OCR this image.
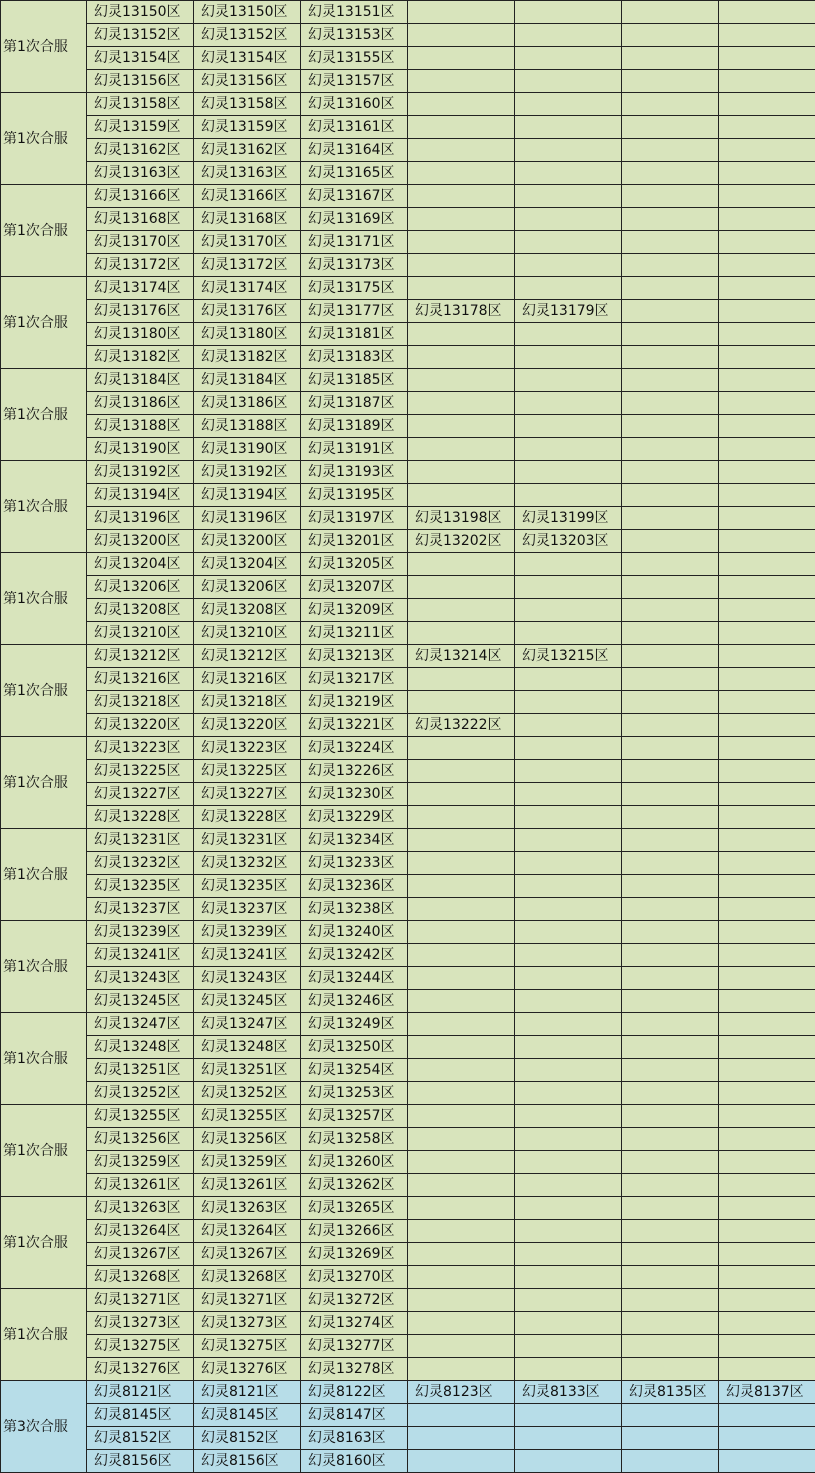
第1次合服	幻灵13150区	幻灵13150区	幻灵13151区				
	幻灵13152区	幻灵13152区	幻灵13153区				
	幻灵13154区	幻灵13154区	幻灵13155区				
	幻灵13156区	幻灵13156区	幻灵13157区				
第1次合服	幻灵13158区	幻灵13158区	幻灵13160区				
	幻灵13159区	幻灵13159区	幻灵13161区				
	幻灵13162区	幻灵13162区	幻灵13164区				
	幻灵13163区	幻灵13163区	幻灵13165区				
第1次合服	幻灵13166区	幻灵13166区	幻灵13167区				
	幻灵13168区	幻灵13168区	幻灵13169区				
	幻灵13170区	幻灵13170区	幻灵13171区				
	幻灵13172区	幻灵13172区	幻灵13173区				
第1次合服	幻灵13174区	幻灵13174区	幻灵13175区				
	幻灵13176区	幻灵13176区	幻灵13177区	幻灵13178区	幻灵13179区		
	幻灵13180区	幻灵13180区	幻灵13181区				
	幻灵13182区	幻灵13182区	幻灵13183区				
第1次合服	幻灵13184区	幻灵13184区	幻灵13185区				
	幻灵13186区	幻灵13186区	幻灵13187区				
	幻灵13188区	幻灵13188区	幻灵13189区				
	幻灵13190区	幻灵13190区	幻灵13191区				
第1次合服	幻灵13192区	幻灵13192区	幻灵13193区				
	幻灵13194区	幻灵13194区	幻灵13195区				
	幻灵13196区	幻灵13196区	幻灵13197区	幻灵13198区	幻灵13199区		
	幻灵13200区	幻灵13200区	幻灵13201区	幻灵13202区	幻灵13203区		
第1次合服	幻灵13204区	幻灵13204区	幻灵13205区				
	幻灵13206区	幻灵13206区	幻灵13207区				
	幻灵13208区	幻灵13208区	幻灵13209区				
	幻灵13210区	幻灵13210区	幻灵13211区				
第1次合服	幻灵13212区	幻灵13212区	幻灵13213区	幻灵13214区	幻灵13215区		
	幻灵13216区	幻灵13216区	幻灵13217区				
	幻灵13218区	幻灵13218区	幻灵13219区				
	幻灵13220区	幻灵13220区	幻灵13221区	幻灵13222区			
第1次合服	幻灵13223区	幻灵13223区	幻灵13224区				
	幻灵13225区	幻灵13225区	幻灵13226区				
	幻灵13227区	幻灵13227区	幻灵13230区				
	幻灵13228区	幻灵13228区	幻灵13229区				
第1次合服	幻灵13231区	幻灵13231区	幻灵13234区				
	幻灵13232区	幻灵13232区	幻灵13233区				
	幻灵13235区	幻灵13235区	幻灵13236区				
	幻灵13237区	幻灵13237区	幻灵13238区				
第1次合服	幻灵13239区	幻灵13239区	幻灵13240区				
	幻灵13241区	幻灵13241区	幻灵13242区				
	幻灵13243区	幻灵13243区	幻灵13244区				
	幻灵13245区	幻灵13245区	幻灵13246区				
第1次合服	幻灵13247区	幻灵13247区	幻灵13249区				
	幻灵13248区	幻灵13248区	幻灵13250区				
	幻灵13251区	幻灵13251区	幻灵13254区				
	幻灵13252区	幻灵13252区	幻灵13253区				
第1次合服	幻灵13255区	幻灵13255区	幻灵13257区				
	幻灵13256区	幻灵13256区	幻灵13258区				
	幻灵13259区	幻灵13259区	幻灵13260区				
	幻灵13261区	幻灵13261区	幻灵13262区				
第1次合服	幻灵13263区	幻灵13263区	幻灵13265区				
	幻灵13264区	幻灵13264区	幻灵13266区				
	幻灵13267区	幻灵13267区	幻灵13269区				
	幻灵13268区	幻灵13268区	幻灵13270区				
第1次合服	幻灵13271区	幻灵13271区	幻灵13272区				
	幻灵13273区	幻灵13273区	幻灵13274区				
	幻灵13275区	幻灵13275区	幻灵13277区				
	幻灵13276区	幻灵13276区	幻灵13278区				
第3次合服	幻灵8121区	幻灵8121区	幻灵8122区	幻灵8123区	幻灵8133区	幻灵8135区	幻灵8137区
	幻灵8145区	幻灵8145区	幻灵8147区				
	幻灵8152区	幻灵8152区	幻灵8163区				
	幻灵8156区	幻灵8156区	幻灵8160区				
